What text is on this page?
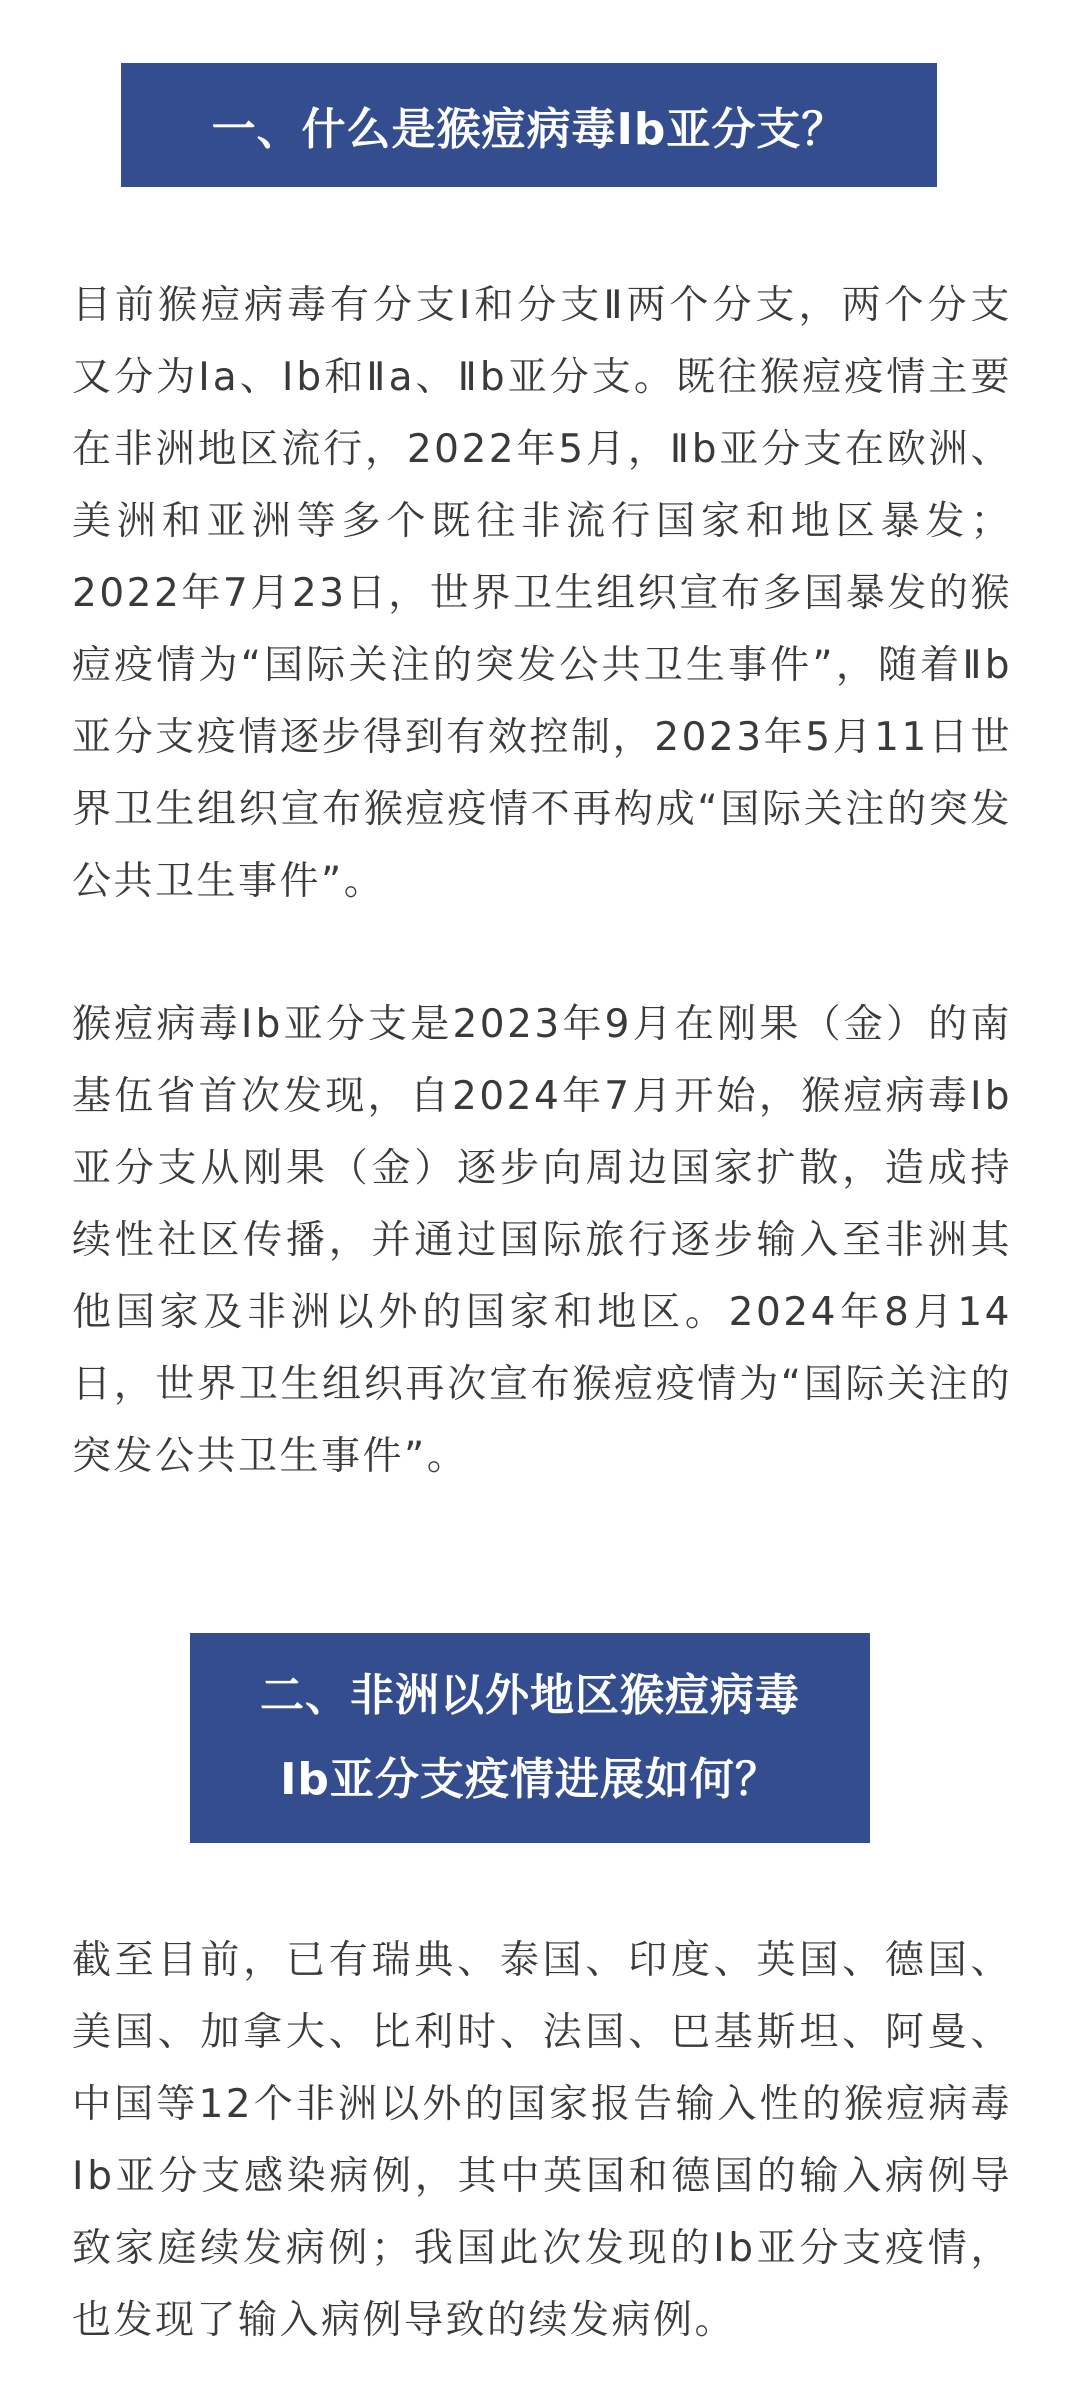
一、什么是猴痘病毒Ⅰb亚分支？

目前猴痘病毒有分支Ⅰ和分支Ⅱ两个分支，两个分支又分为Ⅰa、Ⅰb和Ⅱa、Ⅱb亚分支。既往猴痘疫情主要在非洲地区流行，2022年5月，Ⅱb亚分支在欧洲、美洲和亚洲等多个既往非流行国家和地区暴发；2022年7月23日，世界卫生组织宣布多国暴发的猴痘疫情为“国际关注的突发公共卫生事件”，随着Ⅱb亚分支疫情逐步得到有效控制，2023年5月11日世界卫生组织宣布猴痘疫情不再构成“国际关注的突发公共卫生事件”。

猴痘病毒Ⅰb亚分支是2023年9月在刚果（金）的南基伍省首次发现，自2024年7月开始，猴痘病毒Ⅰb亚分支从刚果（金）逐步向周边国家扩散，造成持续性社区传播，并通过国际旅行逐步输入至非洲其他国家及非洲以外的国家和地区。2024年8月14日，世界卫生组织再次宣布猴痘疫情为“国际关注的突发公共卫生事件”。

二、非洲以外地区猴痘病毒
Ⅰb亚分支疫情进展如何？

截至目前，已有瑞典、泰国、印度、英国、德国、美国、加拿大、比利时、法国、巴基斯坦、阿曼、中国等12个非洲以外的国家报告输入性的猴痘病毒Ⅰb亚分支感染病例，其中英国和德国的输入病例导致家庭续发病例；我国此次发现的Ⅰb亚分支疫情，也发现了输入病例导致的续发病例。
